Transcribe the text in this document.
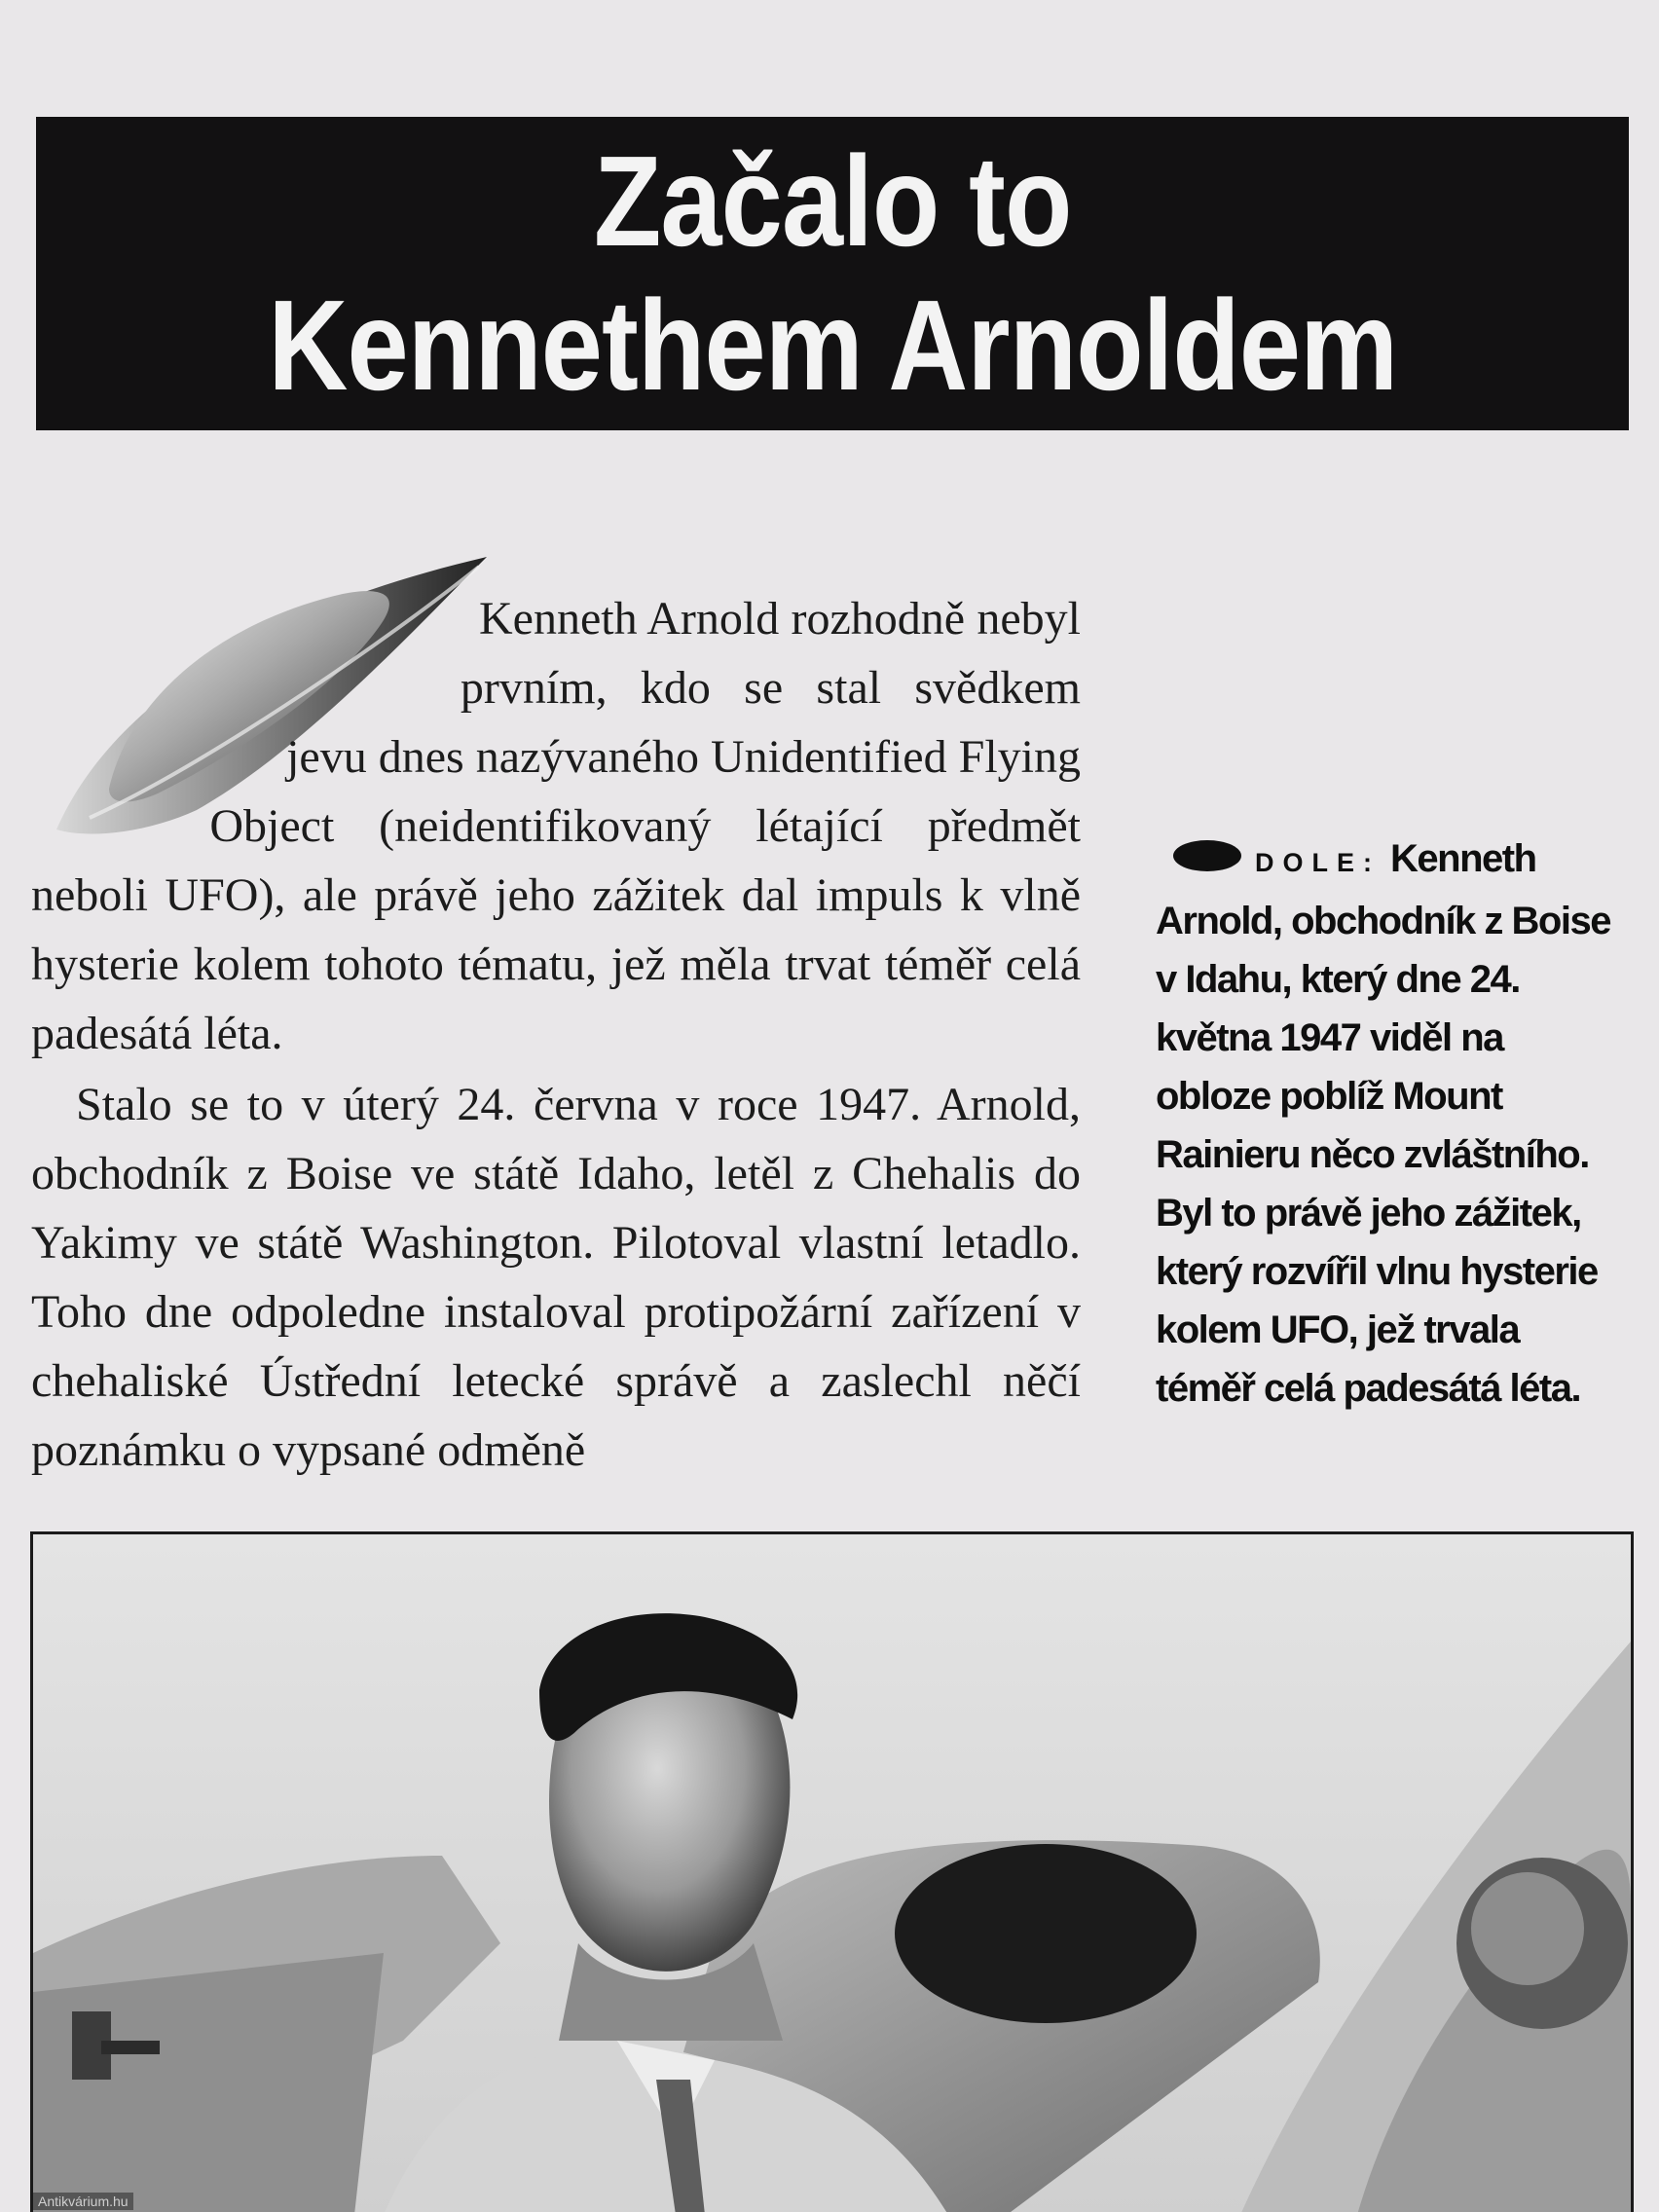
Začalo to
Kennethem Arnoldem

Kenneth Arnold rozhodně nebyl prvním, kdo se stal svědkem jevu dnes nazývaného Unidentified Flying Object (neidentifikovaný létající předmět neboli UFO), ale právě jeho zážitek dal impuls k vlně hysterie kolem tohoto tématu, jež měla trvat téměř celá padesátá léta.

Stalo se to v úterý 24. června v roce 1947. Arnold, obchodník z Boise ve státě Idaho, letěl z Chehalis do Yakimy ve státě Washington. Pilotoval vlastní letadlo. Toho dne odpoledne instaloval protipožární zařízení v chehaliské Ústřední letecké správě a zaslechl něčí poznámku o vypsané odměně

DOLE: Kenneth Arnold, obchodník z Boise v Idahu, který dne 24. května 1947 viděl na obloze poblíž Mount Rainieru něco zvláštního. Byl to právě jeho zážitek, který rozvířil vlnu hysterie kolem UFO, jež trvala téměř celá padesátá léta.
Antikvárium.hu
